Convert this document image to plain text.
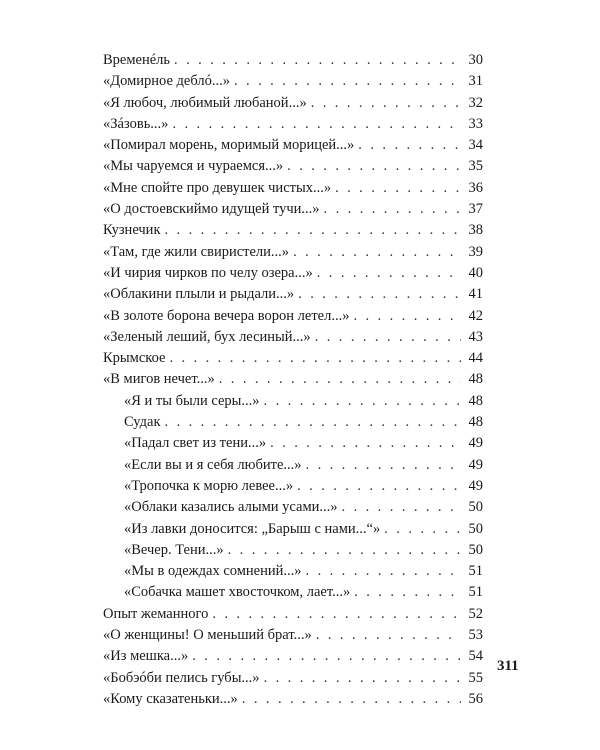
Временéль . . .	30
«Домирное деблó...» . . .	31
«Я любоч, любимый любаной...» . . .	32
«Зáзовь...» . . .	33
«Помирал морень, моримый морицей...» . . .	34
«Мы чаруемся и чураемся...» . . .	35
«Мне спойте про девушек чистых...» . . .	36
«О достоевскиймо идущей тучи...» . . .	37
Кузнечик . . .	38
«Там, где жили свиристели...» . . .	39
«И чирия чирков по челу озера...» . . .	40
«Облакини плыли и рыдали...» . . .	41
«В золоте борона вечера ворон летел...» . . .	42
«Зеленый леший, бух лесиный...» . . .	43
Крымское . . .	44
«В мигов нечет...» . . .	48
«Я и ты были серы...» . . .	48
Судак . . .	48
«Падал свет из тени...» . . .	49
«Если вы и я себя любите...» . . .	49
«Тропочка к морю левее...» . . .	49
«Облаки казались алыми усами...» . . .	50
«Из лавки доносится: „Барыш с нами...“» . . .	50
«Вечер. Тени...» . . .	50
«Мы в одеждах сомнений...» . . .	51
«Собачка машет хвосточком, лает...» . . .	51
Опыт жеманного . . .	52
«О женщины! О меньший брат...» . . .	53
«Из мешка...» . . .	54
«Бобэóби пелись губы...» . . .	55
«Кому сказатеньки...» . . .	56
311
